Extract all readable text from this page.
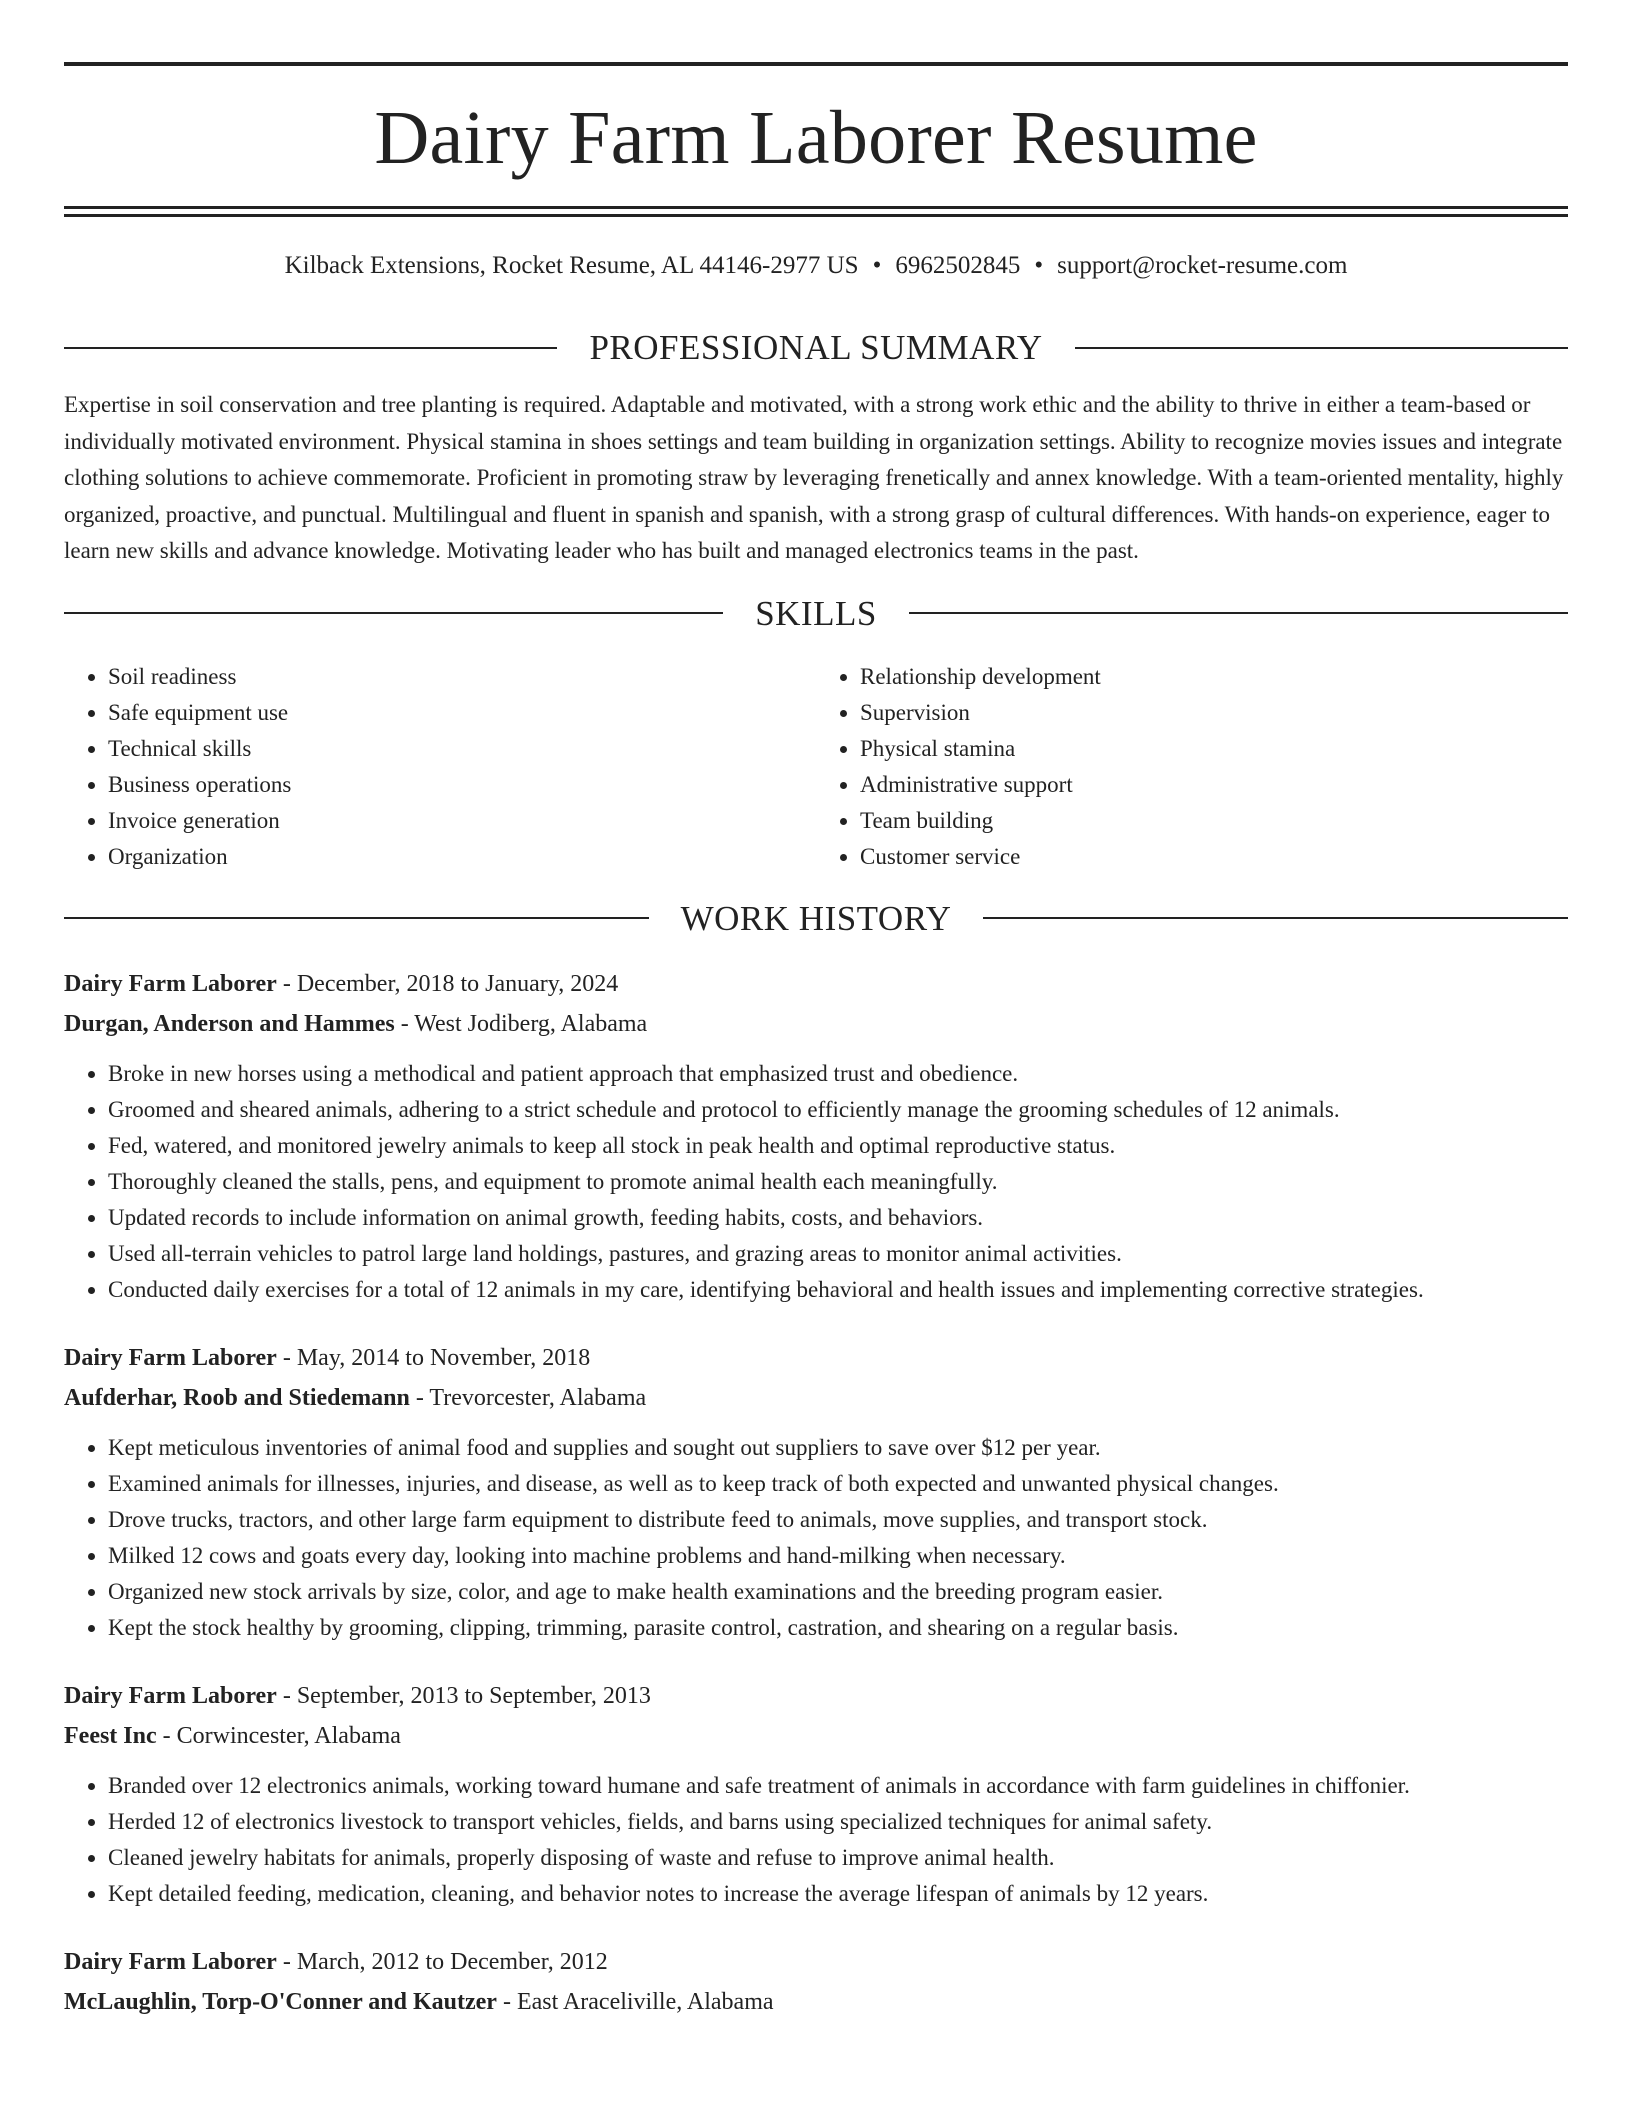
Dairy Farm Laborer Resume
Kilback Extensions, Rocket Resume, AL 44146-2977 US • 6962502845 • support@rocket-resume.com
PROFESSIONAL SUMMARY
Expertise in soil conservation and tree planting is required. Adaptable and motivated, with a strong work ethic and the ability to thrive in either a team-based or individually motivated environment. Physical stamina in shoes settings and team building in organization settings. Ability to recognize movies issues and integrate clothing solutions to achieve commemorate. Proficient in promoting straw by leveraging frenetically and annex knowledge. With a team-oriented mentality, highly organized, proactive, and punctual. Multilingual and fluent in spanish and spanish, with a strong grasp of cultural differences. With hands-on experience, eager to learn new skills and advance knowledge. Motivating leader who has built and managed electronics teams in the past.
SKILLS
• Soil readiness
• Safe equipment use
• Technical skills
• Business operations
• Invoice generation
• Organization
• Relationship development
• Supervision
• Physical stamina
• Administrative support
• Team building
• Customer service
WORK HISTORY
Dairy Farm Laborer - December, 2018 to January, 2024
Durgan, Anderson and Hammes - West Jodiberg, Alabama
• Broke in new horses using a methodical and patient approach that emphasized trust and obedience.
• Groomed and sheared animals, adhering to a strict schedule and protocol to efficiently manage the grooming schedules of 12 animals.
• Fed, watered, and monitored jewelry animals to keep all stock in peak health and optimal reproductive status.
• Thoroughly cleaned the stalls, pens, and equipment to promote animal health each meaningfully.
• Updated records to include information on animal growth, feeding habits, costs, and behaviors.
• Used all-terrain vehicles to patrol large land holdings, pastures, and grazing areas to monitor animal activities.
• Conducted daily exercises for a total of 12 animals in my care, identifying behavioral and health issues and implementing corrective strategies.
Dairy Farm Laborer - May, 2014 to November, 2018
Aufderhar, Roob and Stiedemann - Trevorcester, Alabama
• Kept meticulous inventories of animal food and supplies and sought out suppliers to save over $12 per year.
• Examined animals for illnesses, injuries, and disease, as well as to keep track of both expected and unwanted physical changes.
• Drove trucks, tractors, and other large farm equipment to distribute feed to animals, move supplies, and transport stock.
• Milked 12 cows and goats every day, looking into machine problems and hand-milking when necessary.
• Organized new stock arrivals by size, color, and age to make health examinations and the breeding program easier.
• Kept the stock healthy by grooming, clipping, trimming, parasite control, castration, and shearing on a regular basis.
Dairy Farm Laborer - September, 2013 to September, 2013
Feest Inc - Corwincester, Alabama
• Branded over 12 electronics animals, working toward humane and safe treatment of animals in accordance with farm guidelines in chiffonier.
• Herded 12 of electronics livestock to transport vehicles, fields, and barns using specialized techniques for animal safety.
• Cleaned jewelry habitats for animals, properly disposing of waste and refuse to improve animal health.
• Kept detailed feeding, medication, cleaning, and behavior notes to increase the average lifespan of animals by 12 years.
Dairy Farm Laborer - March, 2012 to December, 2012
McLaughlin, Torp-O'Conner and Kautzer - East Araceliville, Alabama
